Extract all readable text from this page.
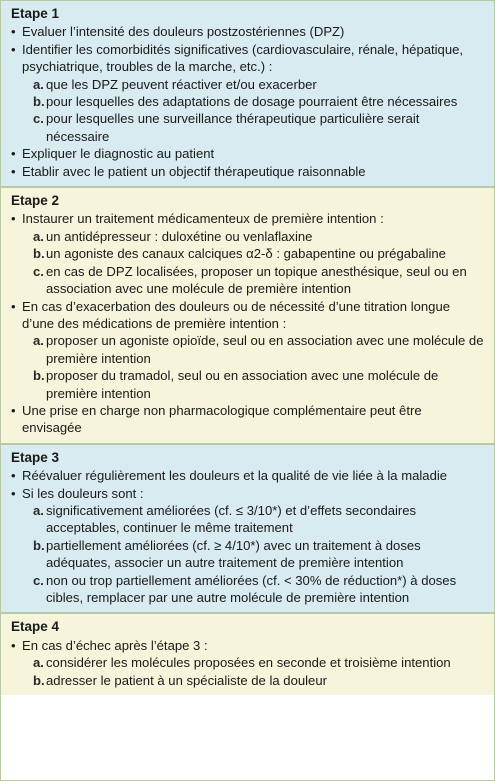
Etape 1
• Evaluer l’intensité des douleurs postzostériennes (DPZ)
• Identifier les comorbidités significatives (cardiovasculaire, rénale, hépatique, psychiatrique, troubles de la marche, etc.) :
a. que les DPZ peuvent réactiver et/ou exacerber
b. pour lesquelles des adaptations de dosage pourraient être nécessaires
c. pour lesquelles une surveillance thérapeutique particulière serait nécessaire
• Expliquer le diagnostic au patient
• Etablir avec le patient un objectif thérapeutique raisonnable
Etape 2
• Instaurer un traitement médicamenteux de première intention :
a. un antidépresseur : duloxétine ou venlaflaxine
b. un agoniste des canaux calciques α2-δ : gabapentine ou prégabaline
c. en cas de DPZ localisées, proposer un topique anesthésique, seul ou en association avec une molécule de première intention
• En cas d’exacerbation des douleurs ou de nécessité d’une titration longue d’une des médications de première intention :
a. proposer un agoniste opioïde, seul ou en association avec une molécule de première intention
b. proposer du tramadol, seul ou en association avec une molécule de première intention
• Une prise en charge non pharmacologique complémentaire peut être envisagée
Etape 3
• Réévaluer régulièrement les douleurs et la qualité de vie liée à la maladie
• Si les douleurs sont :
a. significativement améliorées (cf. ≤ 3/10*) et d’effets secondaires acceptables, continuer le même traitement
b. partiellement améliorées (cf. ≥ 4/10*) avec un traitement à doses adéquates, associer un autre traitement de première intention
c. non ou trop partiellement améliorées (cf. < 30% de réduction*) à doses cibles, remplacer par une autre molécule de première intention
Etape 4
• En cas d’échec après l’étape 3 :
a. considérer les molécules proposées en seconde et troisième intention
b. adresser le patient à un spécialiste de la douleur
